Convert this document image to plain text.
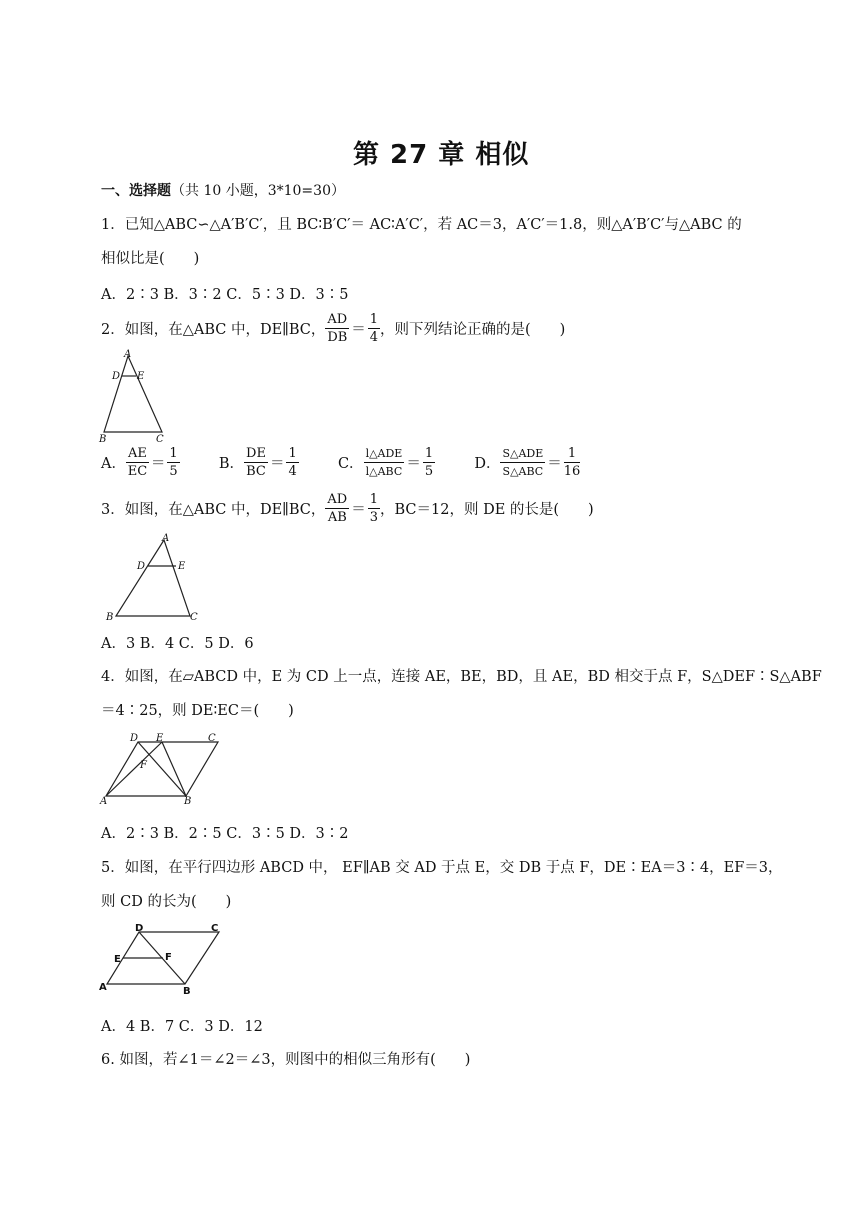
第 27 章 相似
一、选择题（共 10 小题，3*10=30）
1．已知△ABC∽△A′B′C′，且 BC∶B′C′＝ AC∶A′C′，若 AC＝3，A′C′＝1.8，则△A′B′C′与△ABC 的
相似比是(　　)
A．2∶3 B．3∶2 C．5∶3 D．3∶5
2．如图，在△ABC 中，DE∥BC， $\frac{AD}{DB} = \frac{1}{4}$ ，则下列结论正确的是(　　)
A
D E
B	C
A． $\frac{AE}{EC} = \frac{1}{5}$	B． $\frac{DE}{BC} = \frac{1}{4}$	C． $\frac{\text{l△ADE}}{\text{l△ABC}} = \frac{1}{5}$	D． $\frac{\text{S△ADE}}{\text{S△ABC}} = \frac{1}{16}$
3．如图，在△ABC 中，DE∥BC， $\frac{AD}{AB} = \frac{1}{3}$ ，BC＝12，则 DE 的长是(　　)
A
D	E
B	C
A．3 B．4 C．5 D．6
4．如图，在▱ABCD 中，E 为 CD 上一点，连接 AE，BE，BD，且 AE，BD 相交于点 F，S△DEF∶S△ABF
＝4∶25，则 DE∶EC＝(　　)
D E	C
F
A	B
A．2∶3 B．2∶5 C．3∶5 D．3∶2
5．如图，在平行四边形 ABCD 中， EF∥AB 交 AD 于点 E，交 DB 于点 F，DE∶EA＝3∶4，EF＝3，
则 CD 的长为(　　)
D	C
E	F
A	B
A．4 B．7 C．3 D．12
6. 如图，若∠1＝∠2＝∠3，则图中的相似三角形有(　　)
